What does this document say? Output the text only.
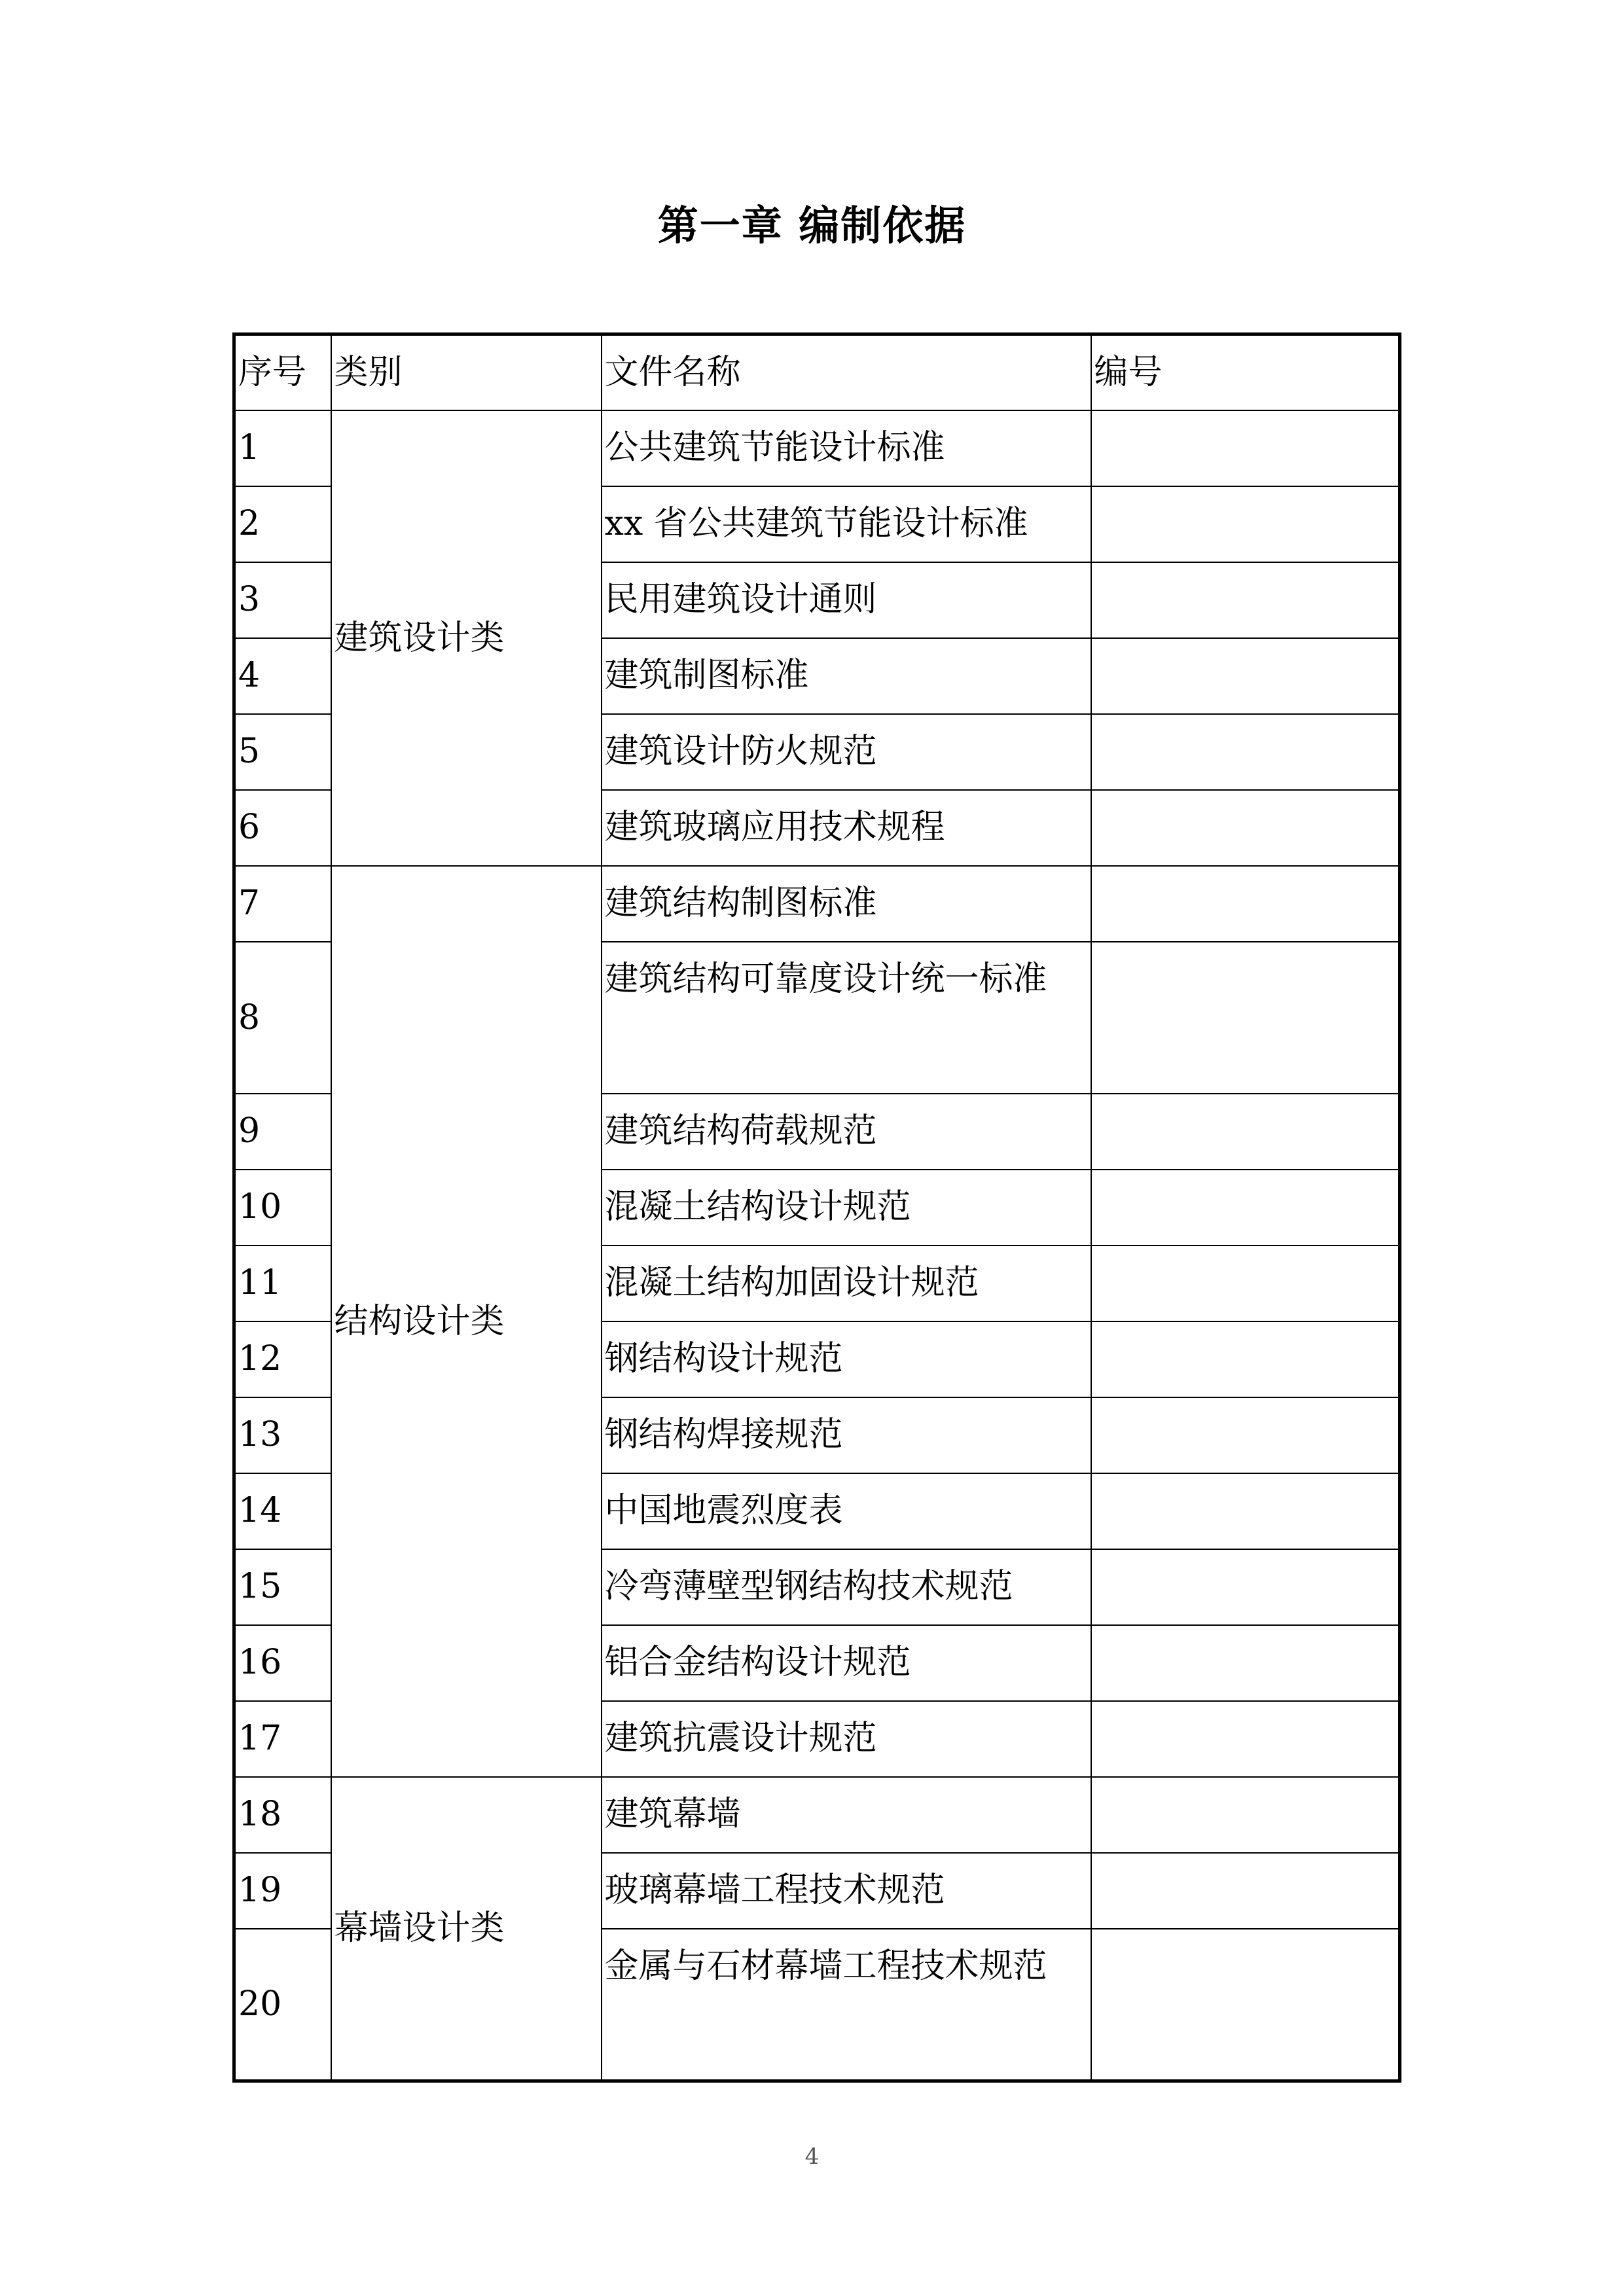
第一章 编制依据
序号	类别	文件名称	编号
1	建筑设计类	公共建筑节能设计标准	
2		xx 省公共建筑节能设计标准	
3		民用建筑设计通则	
4		建筑制图标准	
5		建筑设计防火规范	
6		建筑玻璃应用技术规程	
7	结构设计类	建筑结构制图标准	
8		建筑结构可靠度设计统一标准	
9		建筑结构荷载规范	
10		混凝土结构设计规范	
11		混凝土结构加固设计规范	
12		钢结构设计规范	
13		钢结构焊接规范	
14		中国地震烈度表	
15		冷弯薄壁型钢结构技术规范	
16		铝合金结构设计规范	
17		建筑抗震设计规范	
18	幕墙设计类	建筑幕墙	
19		玻璃幕墙工程技术规范	
20		金属与石材幕墙工程技术规范	
4
